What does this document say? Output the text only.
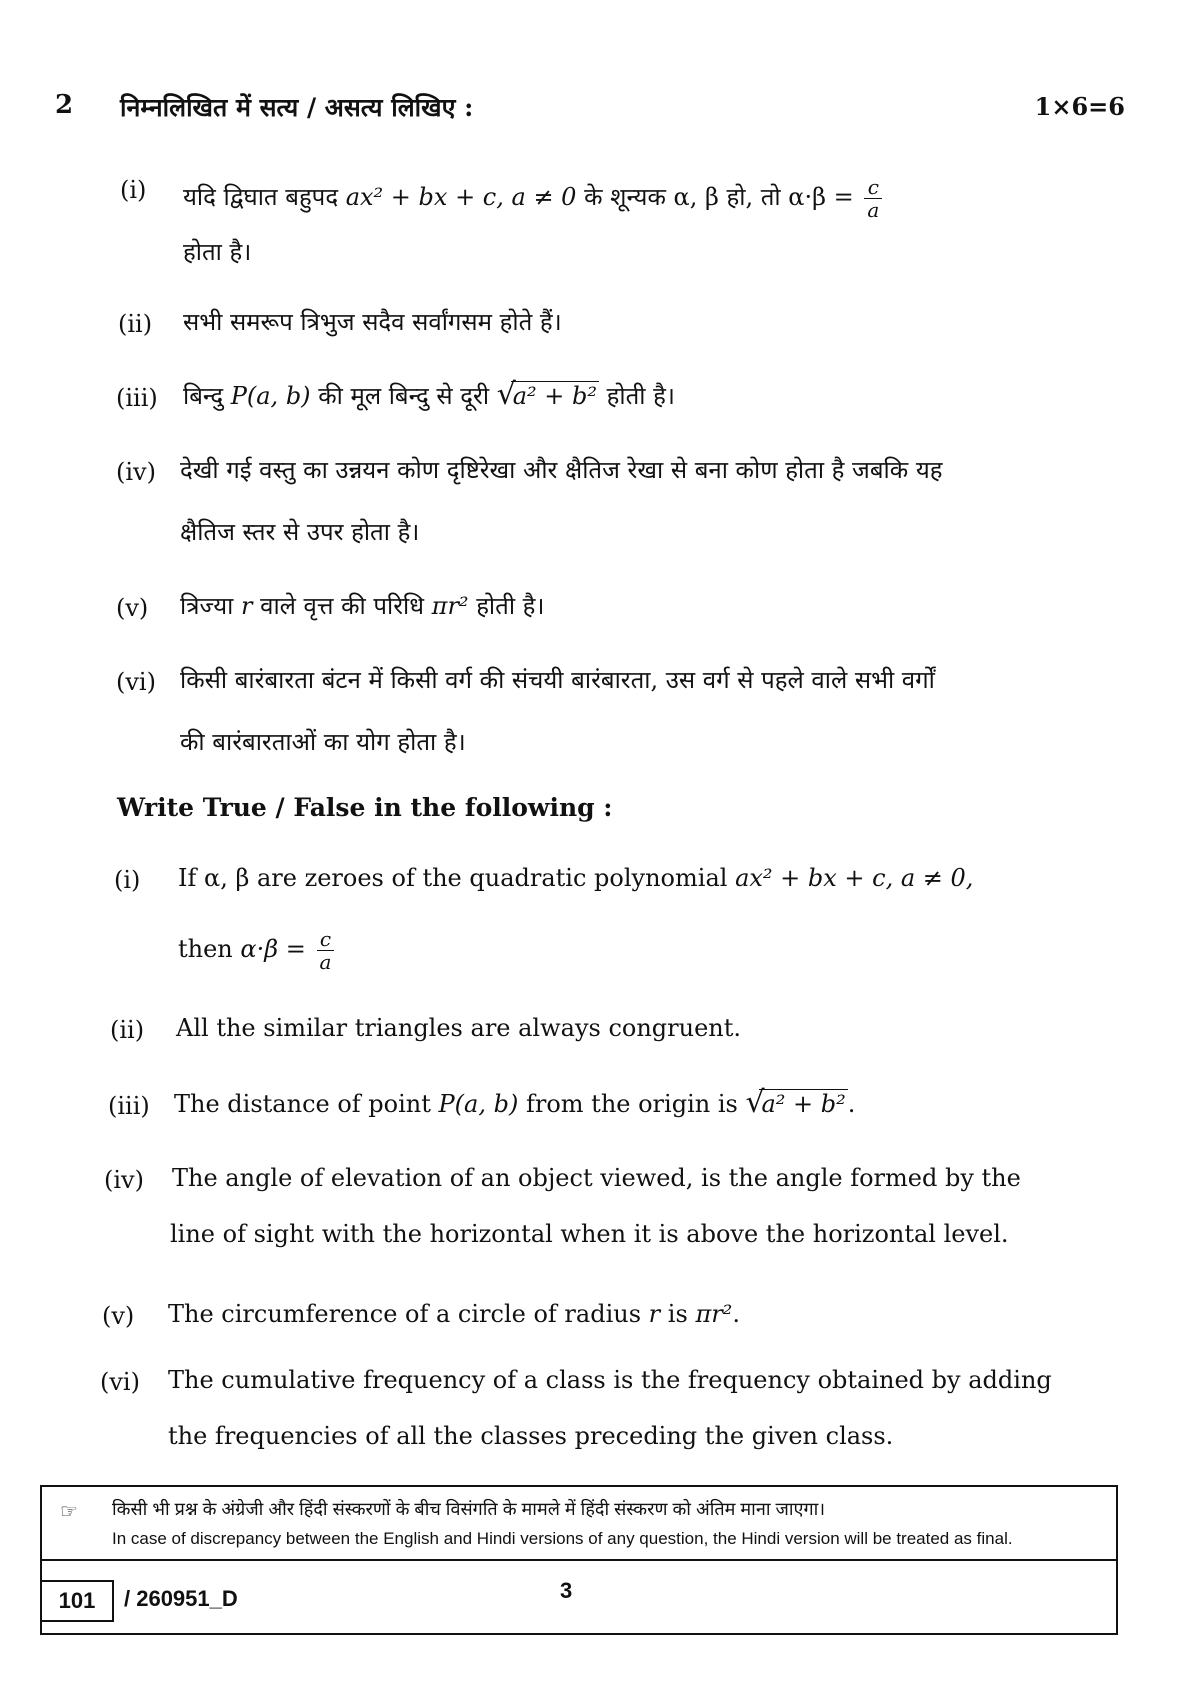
2 निम्नलिखित में सत्य / असत्य लिखिए :	1×6=6
(i) यदि द्विघात बहुपद ax² + bx + c, a ≠ 0 के शून्यक α, β हो, तो $\alpha\cdot\beta = \frac{c}{a}$
होता है।
(ii) सभी समरूप त्रिभुज सदैव सर्वांगसम होते हैं।
(iii) बिन्दु P(a, b) की मूल बिन्दु से दूरी √
a² + b² होती है।
(iv) देखी गई वस्तु का उन्नयन कोण दृष्टिरेखा और क्षैतिज रेखा से बना कोण होता है जबकि यह
क्षैतिज स्तर से उपर होता है।
(v) त्रिज्या r वाले वृत्त की परिधि πr² होती है।
(vi) किसी बारंबारता बंटन में किसी वर्ग की संचयी बारंबारता, उस वर्ग से पहले वाले सभी वर्गों
की बारंबारताओं का योग होता है।
Write True / False in the following :
(i) If α, β are zeroes of the quadratic polynomial ax² + bx + c, a ≠ 0,
then $\alpha\cdot\beta = \frac{c}{a}$
(ii) All the similar triangles are always congruent.
(iii) The distance of point P(a, b) from the origin is √
a² + b².
(iv) The angle of elevation of an object viewed, is the angle formed by the
line of sight with the horizontal when it is above the horizontal level.
(v) The circumference of a circle of radius r is πr².
(vi) The cumulative frequency of a class is the frequency obtained by adding
the frequencies of all the classes preceding the given class.
☞ किसी भी प्रश्न के अंग्रेजी और हिंदी संस्करणों के बीच विसंगति के मामले में हिंदी संस्करण को अंतिम माना जाएगा।
In case of discrepancy between the English and Hindi versions of any question, the Hindi version will be treated as final.
101	/ 260951_D	3
